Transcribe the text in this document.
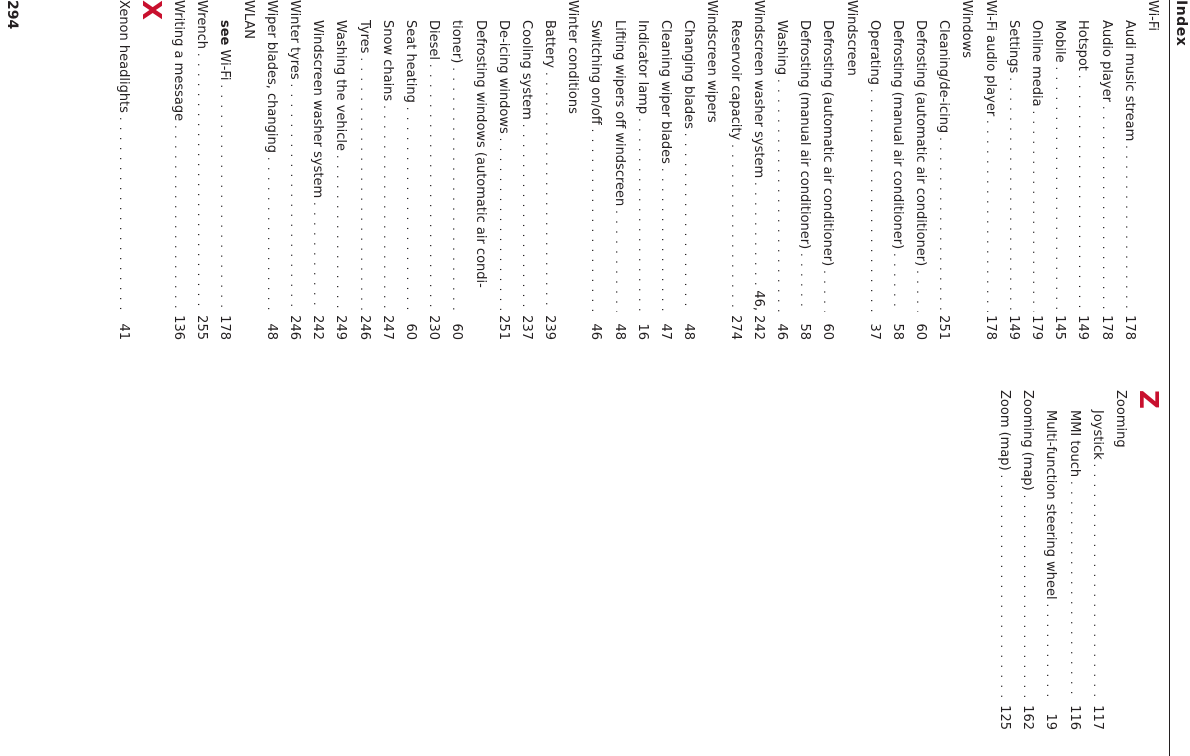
Index
Wi-Fi
Audi music stream
. . .
178
Audio player
. . .
178
Hotspot
. . .
149
Mobile
. . .
145
Online media
. . .
179
Settings
. . .
149
Wi-Fi audio player
. . .
178
Windows
Cleaning/de-icing
. . .
251
Defrosting (automatic air conditioner)
. . .
60
Defrosting (manual air conditioner)
. . .
58
Operating
. . .
37
Windscreen
Defrosting (automatic air conditioner)
. . .
60
Defrosting (manual air conditioner)
. . .
58
Washing
. . .
46
Windscreen washer system
. . .
46, 242
Reservoir capacity
. . .
274
Windscreen wipers
Changing blades
. . .
48
Cleaning wiper blades
. . .
47
Indicator lamp
. . .
16
Lifting wipers off windscreen
. . .
48
Switching on/off
. . .
46
Winter conditions
Battery
. . .
239
Cooling system
. . .
237
De-icing windows
. . .
251
Defrosting windows (automatic air condi-
tioner)
. . .
60
Diesel
. . .
230
Seat heating
. . .
60
Snow chains
. . .
247
Tyres
. . .
246
Washing the vehicle
. . .
249
Windscreen washer system
. . .
242
Winter tyres
. . .
246
Wiper blades, changing
. . .
48
WLAN
see Wi-Fi
. . .
178
Wrench
. . .
255
Writing a message
. . .
136
X
Xenon headlights
. . .
41
Z
Zooming
Joystick
. . .
117
MMI touch
. . .
116
Multi-function steering wheel
. . .
19
Zooming (map)
. . .
162
Zoom (map)
. . .
125
294
